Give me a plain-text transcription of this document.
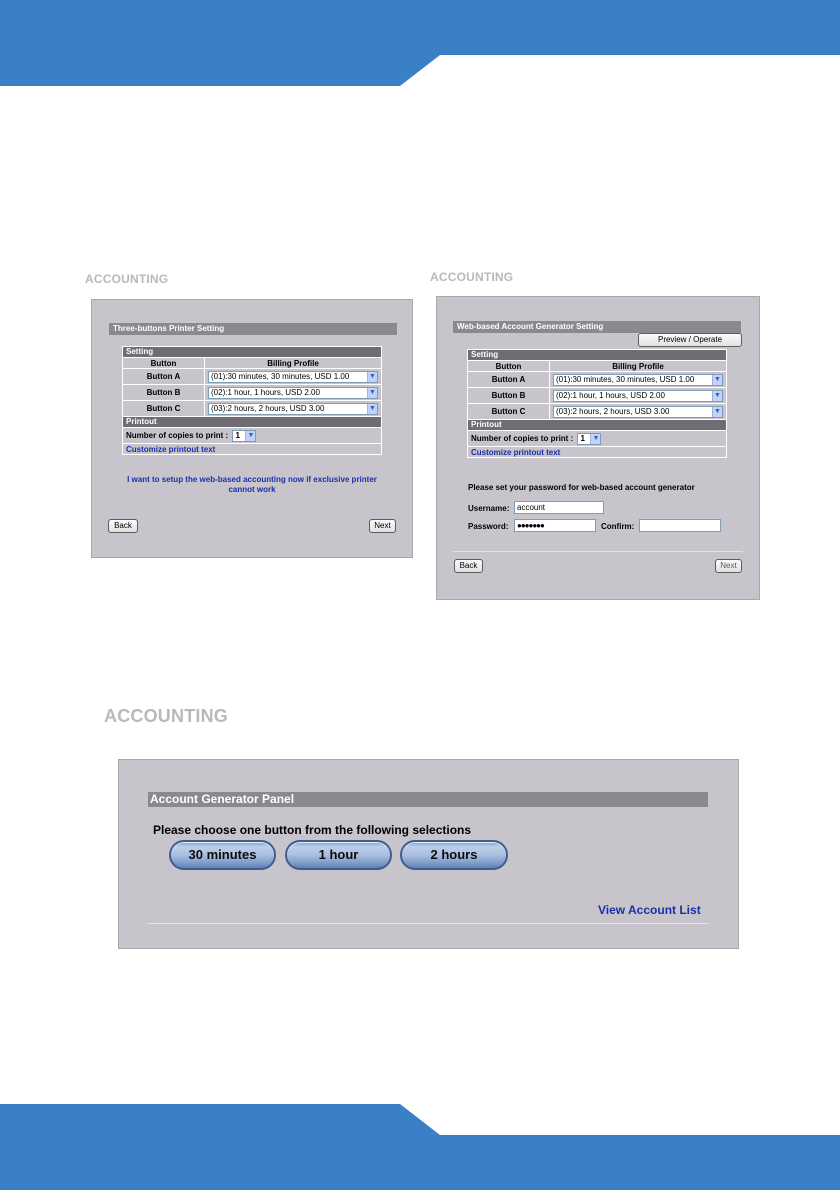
ACCOUNTING
Three-buttons Printer Setting
Setting	
Button	Billing Profile
Button A	(01):30 minutes, 30 minutes, USD 1.00 ▼

Button B	(02):1 hour, 1 hours, USD 2.00 ▼

Button C	(03):2 hours, 2 hours, USD 3.00 ▼

Printout	
Number of copies to print : 1 ▼	

Customize printout text	
I want to setup the web-based accounting now if exclusive printer
cannot work
Back	Next
ACCOUNTING
Web-based Account Generator Setting
Preview / Operate
Setting	
Button	Billing Profile
Button A	(01):30 minutes, 30 minutes, USD 1.00 ▼

Button B	(02):1 hour, 1 hours, USD 2.00 ▼

Button C	(03):2 hours, 2 hours, USD 3.00 ▼

Printout	
Number of copies to print : 1 ▼	

Customize printout text	
Please set your password for web-based account generator
Username: account
Password:	●●●●●●●	Confirm:
Back	Next
ACCOUNTING
Account Generator Panel
Please choose one button from the following selections
30 minutes	1 hour	2 hours
View Account List
